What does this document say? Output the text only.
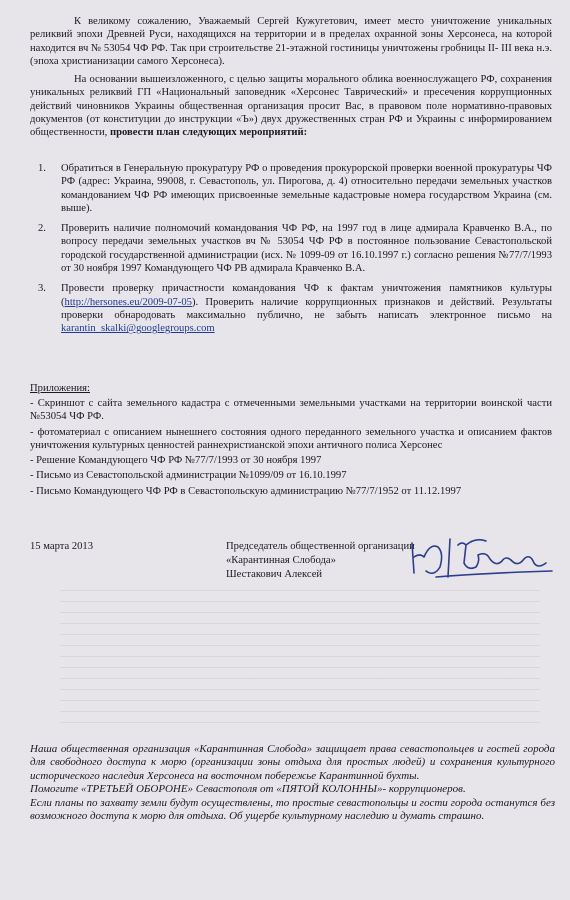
К великому сожалению, Уважаемый Сергей Кужугетович, имеет место уничтожение уникальных реликвий эпохи Древней Руси, находящихся на территории и в пределах охранной зоны Херсонеса, на которой находится вч № 53054 ЧФ РФ. Так при строительстве 21-этажной гостиницы уничтожены гробницы II- III века н.э. (эпоха христианизации самого Херсонеса).

На основании вышеизложенного, с целью защиты морального облика военнослужащего РФ, сохранения уникальных реликвий ГП «Национальный заповедник «Херсонес Таврический» и пресечения коррупционных действий чиновников Украины общественная организация просит Вас, в правовом поле нормативно-правовых документов (от конституции до инструкции «Ъ») двух дружественных стран РФ и Украины с информированием общественности, провести план следующих мероприятий:

1. Обратиться в Генеральную прокуратуру РФ о проведения прокурорской проверки военной прокуратуры ЧФ РФ (адрес: Украина, 99008, г. Севастополь, ул. Пирогова, д. 4) относительно передачи земельных участков командованием ЧФ РФ имеющих присвоенные земельные кадастровые номера государством Украина (см. выше).
2. Проверить наличие полномочий командования ЧФ РФ, на 1997 год в лице адмирала Кравченко В.А., по вопросу передачи земельных участков вч № 53054 ЧФ РФ в постоянное пользование Севастопольской городской государственной администрации (исх. № 1099-09 от 16.10.1997 г.) согласно решения №77/7/1993 от 30 ноября 1997 Командующего ЧФ РВ адмирала Кравченко В.А.
3. Провести проверку причастности командования ЧФ к фактам уничтожения памятников культуры (http://hersones.eu/2009-07-05). Проверить наличие коррупционных признаков и действий. Результаты проверки обнародовать максимально публично, не забыть написать электронное письмо на karantin_skalki@googlegroups.com

Приложения:

- Скриншот с сайта земельного кадастра с отмеченными земельными участками на территории воинской части №53054 ЧФ РФ.
- фотоматериал с описанием нынешнего состояния одного переданного земельного участка и описанием фактов уничтожения культурных ценностей раннехристианской эпохи античного полиса Херсонес
- Решение Командующего ЧФ РФ №77/7/1993 от 30 ноября 1997
- Письмо из Севастопольской администрации №1099/09 от 16.10.1997
- Письмо Командующего ЧФ РФ в Севастопольскую администрацию №77/7/1952 от 11.12.1997

15 марта 2013	Председатель общественной организации

«Карантинная Слобода»

Шестакович Алексей

Наша общественная организация «Карантинная Слобода» защищает права севастопольцев и гостей города для свободного доступа к морю (организации зоны отдыха для простых людей) и сохранения культурного исторического наследия Херсонеса на восточном побережье Карантинной бухты.

Помогите «ТРЕТЬЕЙ ОБОРОНЕ» Севастополя от «ПЯТОЙ КОЛОННЫ»- коррупционеров.

Если планы по захвату земли будут осуществлены, то простые севастопольцы и гости города останутся без возможного доступа к морю для отдыха. Об ущербе культурному наследию и думать страшно.
